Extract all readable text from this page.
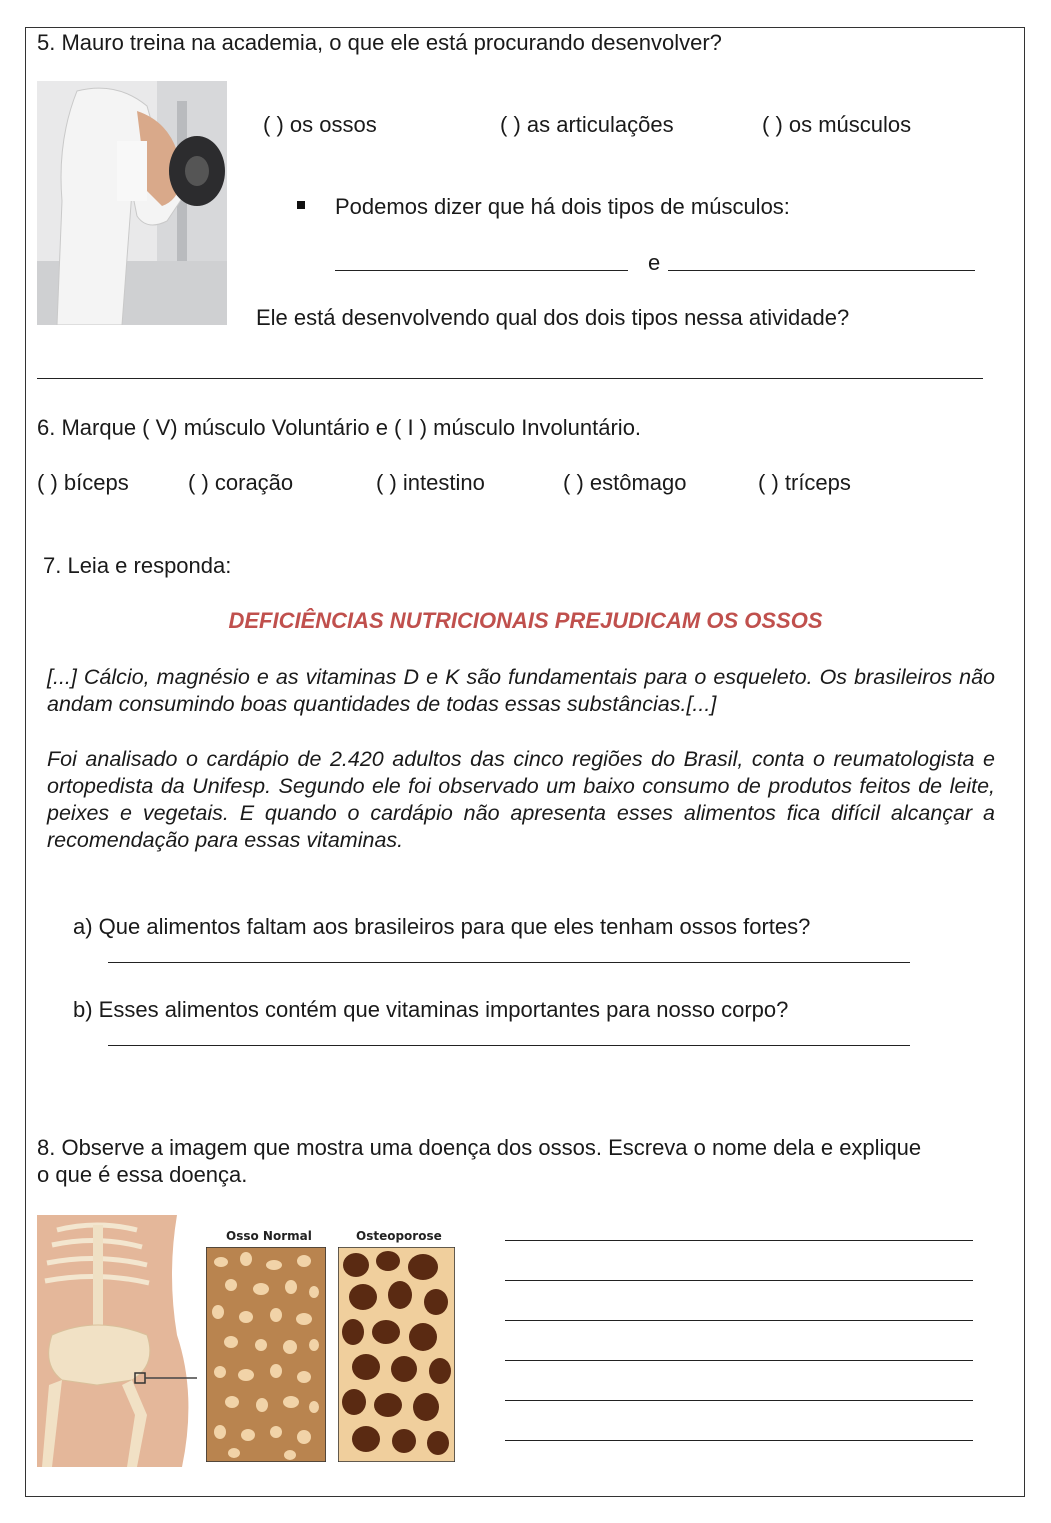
5. Mauro treina na academia, o que ele está procurando desenvolver?
( ) os ossos	( ) as articulações	( ) os músculos
Podemos dizer que há dois tipos de músculos:
e
Ele está desenvolvendo qual dos dois tipos nessa atividade?
6. Marque ( V) músculo Voluntário e ( I ) músculo Involuntário.
( ) bíceps	( ) coração	( ) intestino	( ) estômago	( ) tríceps
7. Leia e responda:
DEFICIÊNCIAS NUTRICIONAIS PREJUDICAM OS OSSOS
[...] Cálcio, magnésio e as vitaminas D e K são fundamentais para o esqueleto. Os brasileiros não andam consumindo boas quantidades de todas essas substâncias.[...]
Foi analisado o cardápio de 2.420 adultos das cinco regiões do Brasil, conta o reumatologista e ortopedista da Unifesp. Segundo ele foi observado um baixo consumo de produtos feitos de leite, peixes e vegetais. E quando o cardápio não apresenta esses alimentos fica difícil alcançar a recomendação para essas vitaminas.
a) Que alimentos faltam aos brasileiros para que eles tenham ossos fortes?
b) Esses alimentos contém que vitaminas importantes para nosso corpo?
8. Observe a imagem que mostra uma doença dos ossos. Escreva o nome dela e explique
o que é essa doença.
Osso Normal	Osteoporose
